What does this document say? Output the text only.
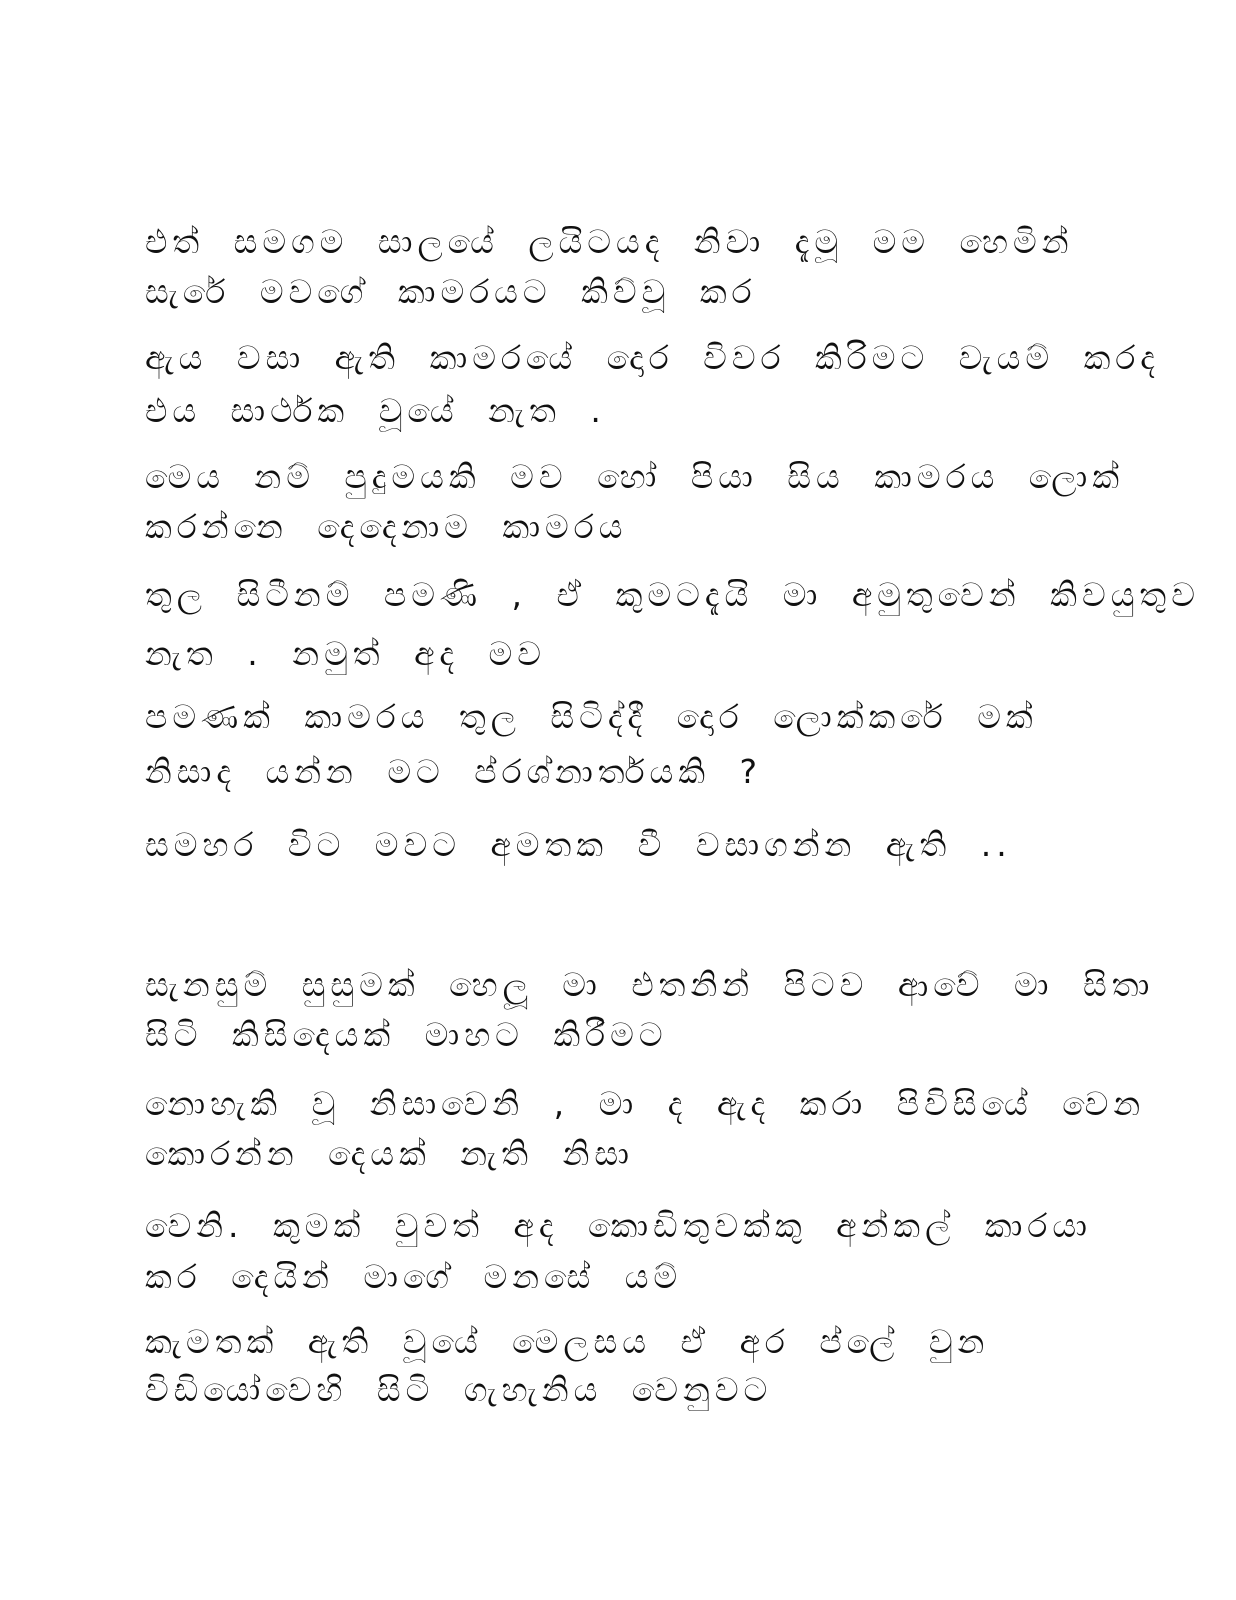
එත් සමගම සාලයේ ලයිටයද නිවා දැමූ මම හෙමින්

සැරේ මවගේ කාමරයට කිව්වූ කර

ඇය වසා ඇති කාමරයේ දොර විවර කිරිමට වැයම් කරද

එය සාර්ථක වූයේ නැත .

මෙය නම් පුදුමයකි මව හෝ පියා සිය කාමරය ලොක්

කරන්නෙ දෙදෙනාම කාමරය

තුල සිටීනම් පමණි , ඒ කුමටදැයි මා අමුතුවෙන් කිවයුතුව

නැත . නමුත් අද මව

පමණක් කාමරය තුල සිටිද්දී දොර ලොක්කරේ මක්

නිසාද යන්න මට ප්රශ්නාර්තයකි ?

සමහර විට මවට අමතක වී වසාගන්න ඇති ..

සැනසුම් සුසුමක් හෙලූ මා එතනින් පිටව ආවේ මා සිතා

සිටි කිසිදෙයක් මාහට කිරීමට

නොහැකි වූ නිසාවෙනි , මා ද ඇද කරා පිවිසියේ වෙන

කොරන්න දෙයක් නැති නිසා

වෙනි. කුමක් වුවත් අද කොඩිතුවක්කු අන්කල් කාරයා

කර දෙයින් මාගේ මනසේ යම්

කැමතක් ඇති වූයේ මෙලසය ඒ අර ප්ලේ වුන

විඩියෝවෙහි සිටි ගැහැනිය වෙනුවට
